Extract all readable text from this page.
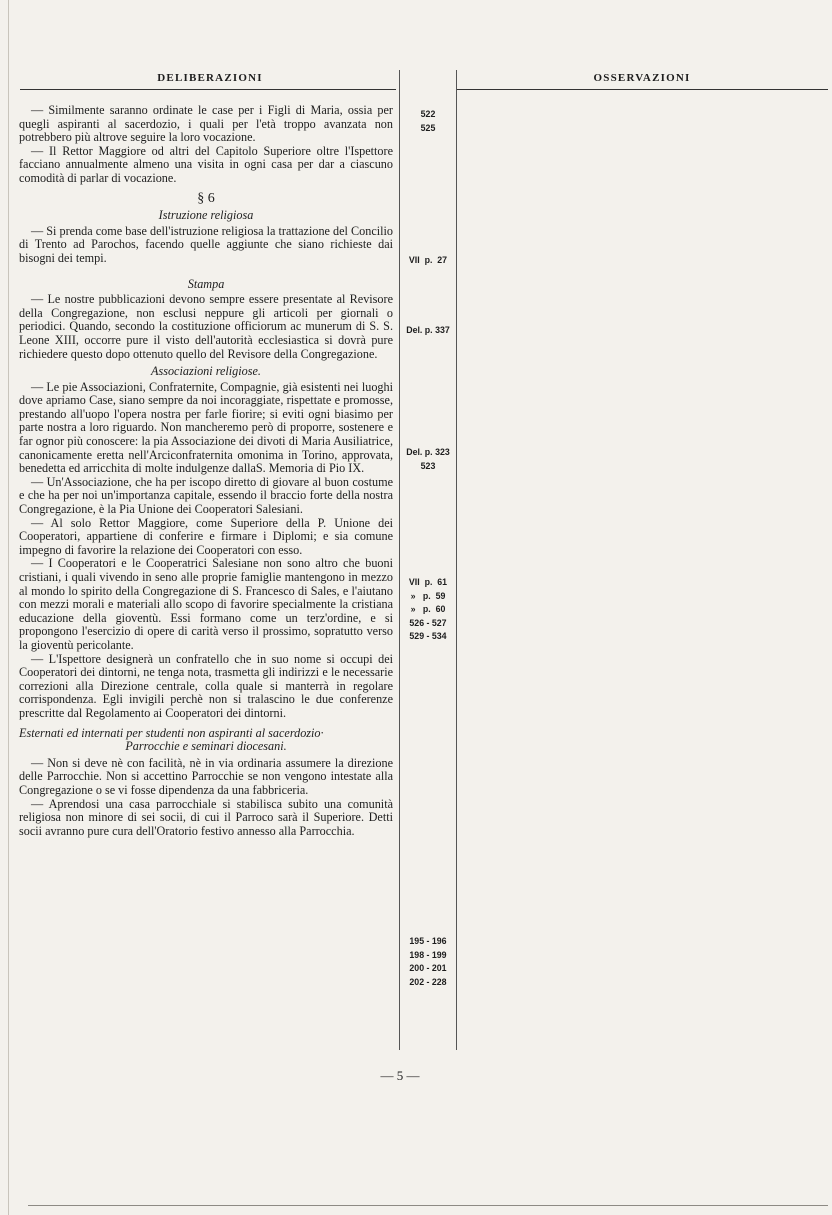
DELIBERAZIONI	OSSERVAZIONI

— Similmente saranno ordinate le case per i Figli di Maria, ossia per quegli aspiranti al sacerdozio, i quali per l'età troppo avanzata non potrebbero più altrove seguire la loro vocazione.

— Il Rettor Maggiore od altri del Capitolo Superiore oltre l'Ispettore facciano annualmente almeno una visita in ogni casa per dar a ciascuno comodità di parlar di vocazione.

§ 6

Istruzione religiosa

— Si prenda come base dell'istruzione religiosa la trattazione del Concilio di Trento ad Parochos, facendo quelle aggiunte che siano richieste dai bisogni dei tempi.

Stampa

— Le nostre pubblicazioni devono sempre essere presentate al Revisore della Congregazione, non esclusi neppure gli articoli per giornali o periodici. Quando, secondo la costituzione officiorum ac munerum di S. S. Leone XIII, occorre pure il visto dell'autorità ecclesiastica si dovrà pure richiedere questo dopo ottenuto quello del Revisore della Congregazione.

Associazioni religiose.

— Le pie Associazioni, Confraternite, Compagnie, già esistenti nei luoghi dove apriamo Case, siano sempre da noi incoraggiate, rispettate e promosse, prestando all'uopo l'opera nostra per farle fiorire; si eviti ogni biasimo per parte nostra a loro riguardo. Non mancheremo però di proporre, sostenere e far ognor più conoscere: la pia Associazione dei divoti di Maria Ausiliatrice, canonicamente eretta nell'Arciconfraternita omonima in Torino, approvata, benedetta ed arricchita di molte indulgenze dallaS. Memoria di Pio IX.

— Un'Associazione, che ha per iscopo diretto di giovare al buon costume e che ha per noi un'importanza capitale, essendo il braccio forte della nostra Congregazione, è la Pia Unione dei Cooperatori Salesiani.

— Al solo Rettor Maggiore, come Superiore della P. Unione dei Cooperatori, appartiene di conferire e firmare i Diplomi; e sia comune impegno di favorire la relazione dei Cooperatori con esso.

— I Cooperatori e le Cooperatrici Salesiane non sono altro che buoni cristiani, i quali vivendo in seno alle proprie famiglie mantengono in mezzo al mondo lo spirito della Congregazione di S. Francesco di Sales, e l'aiutano con mezzi morali e materiali allo scopo di favorire specialmente la cristiana educazione della gioventù. Essi formano come un terz'ordine, e si propongono l'esercizio di opere di carità verso il prossimo, sopratutto verso la gioventù pericolante.

— L'Ispettore designerà un confratello che in suo nome si occupi dei Cooperatori dei dintorni, ne tenga nota, trasmetta gli indirizzi e le necessarie correzioni alla Direzione centrale, colla quale si manterrà in regolare corrispondenza. Egli invigili perchè non si tralascino le due conferenze prescritte dal Regolamento ai Cooperatori dei dintorni.

Esternati ed internati per studenti non aspiranti al sacerdozio·
Parrocchie e seminari diocesani.

— Non si deve nè con facilità, nè in via ordinaria assumere la direzione delle Parrocchie. Non si accettino Parrocchie se non vengono intestate alla Congregazione o se vi fosse dipendenza da una fabbriceria.

— Aprendosi una casa parrocchiale si stabilisca subito una comunità religiosa non minore di sei socii, di cui il Parroco sarà il Superiore. Detti socii avranno pure cura dell'Oratorio festivo annesso alla Parrocchia.

522
525
VII  p.  27
Del. p. 337
Del. p. 323
523
VII  p.  61
»   p.  59
»   p.  60
526 - 527
529 - 534
195 - 196
198 - 199
200 - 201
202 - 228
— 5 —
